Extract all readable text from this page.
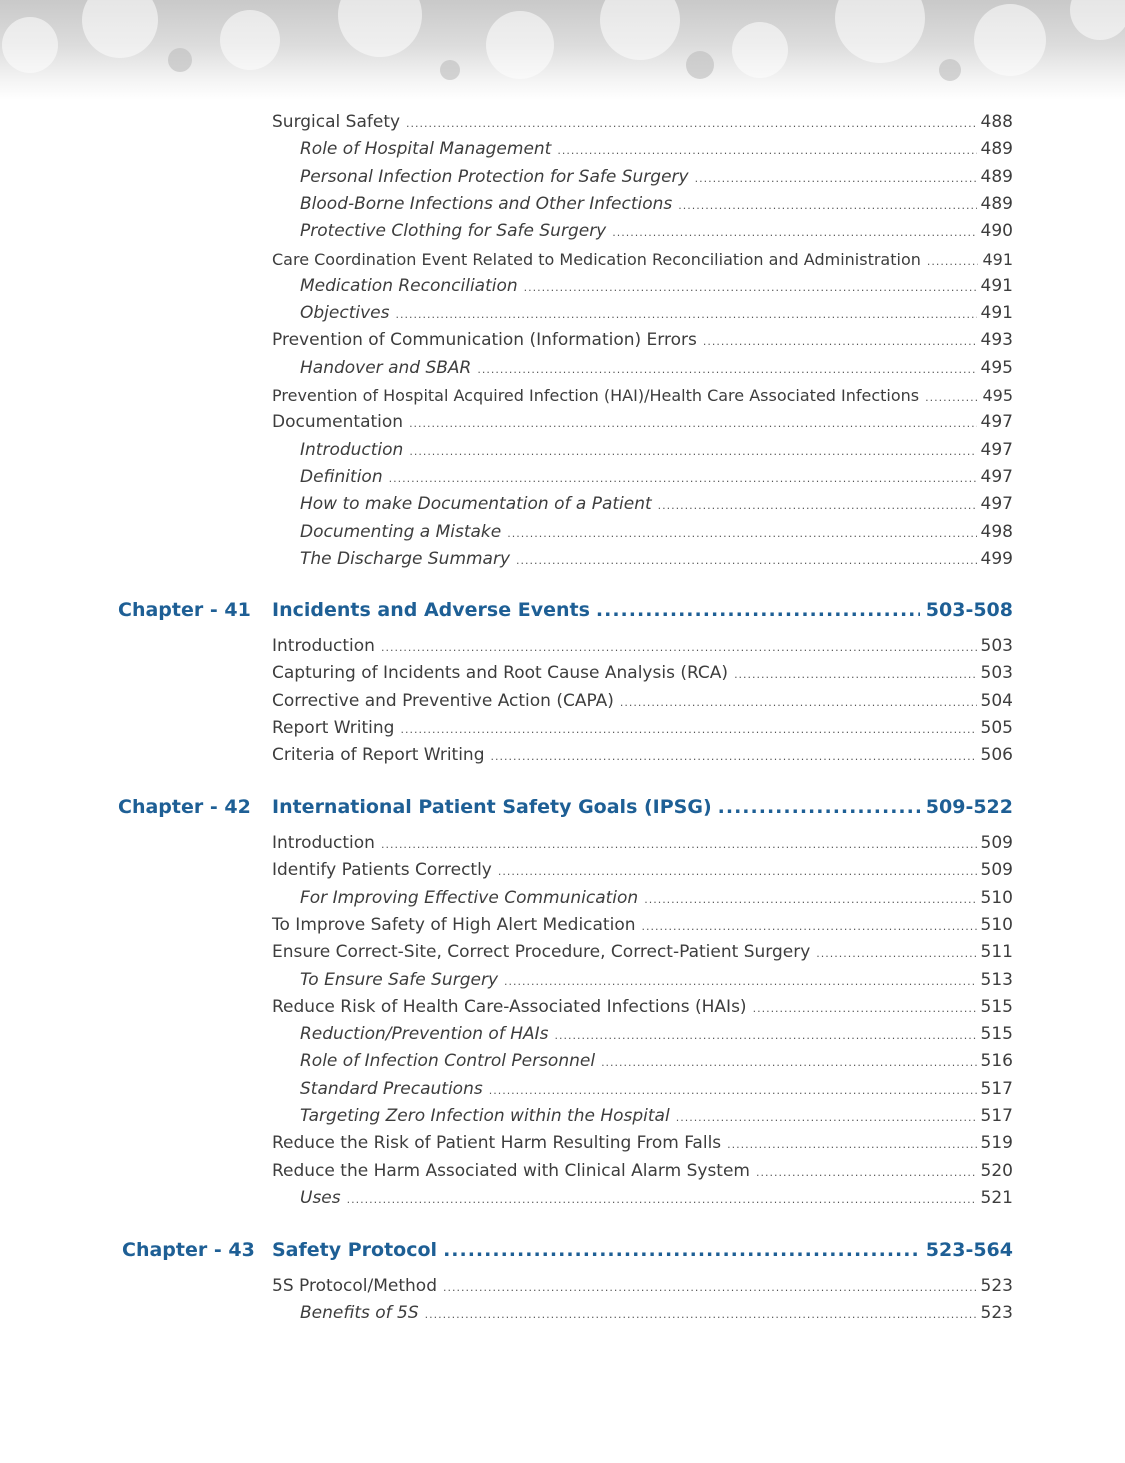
Surgical Safety .....	488
Role of Hospital Management .....	489
Personal Infection Protection for Safe Surgery .....	489
Blood-Borne Infections and Other Infections .....	489
Protective Clothing for Safe Surgery .....	490
Care Coordination Event Related to Medication Reconciliation and Administration .....	491
Medication Reconciliation .....	491
Objectives .....	491
Prevention of Communication (Information) Errors .....	493
Handover and SBAR .....	495
Prevention of Hospital Acquired Infection (HAI)/Health Care Associated Infections .....	495
Documentation .....	497
Introduction .....	497
Definition .....	497
How to make Documentation of a Patient .....	497
Documenting a Mistake .....	498
The Discharge Summary .....	499
Chapter - 41	Incidents and Adverse Events .....	503-508
Introduction .....	503
Capturing of Incidents and Root Cause Analysis (RCA) .....	503
Corrective and Preventive Action (CAPA) .....	504
Report Writing .....	505
Criteria of Report Writing .....	506
Chapter - 42	International Patient Safety Goals (IPSG) .....	509-522
Introduction .....	509
Identify Patients Correctly .....	509
For Improving Effective Communication .....	510
To Improve Safety of High Alert Medication .....	510
Ensure Correct-Site, Correct Procedure, Correct-Patient Surgery .....	511
To Ensure Safe Surgery .....	513
Reduce Risk of Health Care-Associated Infections (HAIs) .....	515
Reduction/Prevention of HAIs .....	515
Role of Infection Control Personnel .....	516
Standard Precautions .....	517
Targeting Zero Infection within the Hospital .....	517
Reduce the Risk of Patient Harm Resulting From Falls .....	519
Reduce the Harm Associated with Clinical Alarm System .....	520
Uses .....	521
Chapter - 43 Safety Protocol .....	523-564
5S Protocol/Method .....	523
Benefits of 5S .....	523
